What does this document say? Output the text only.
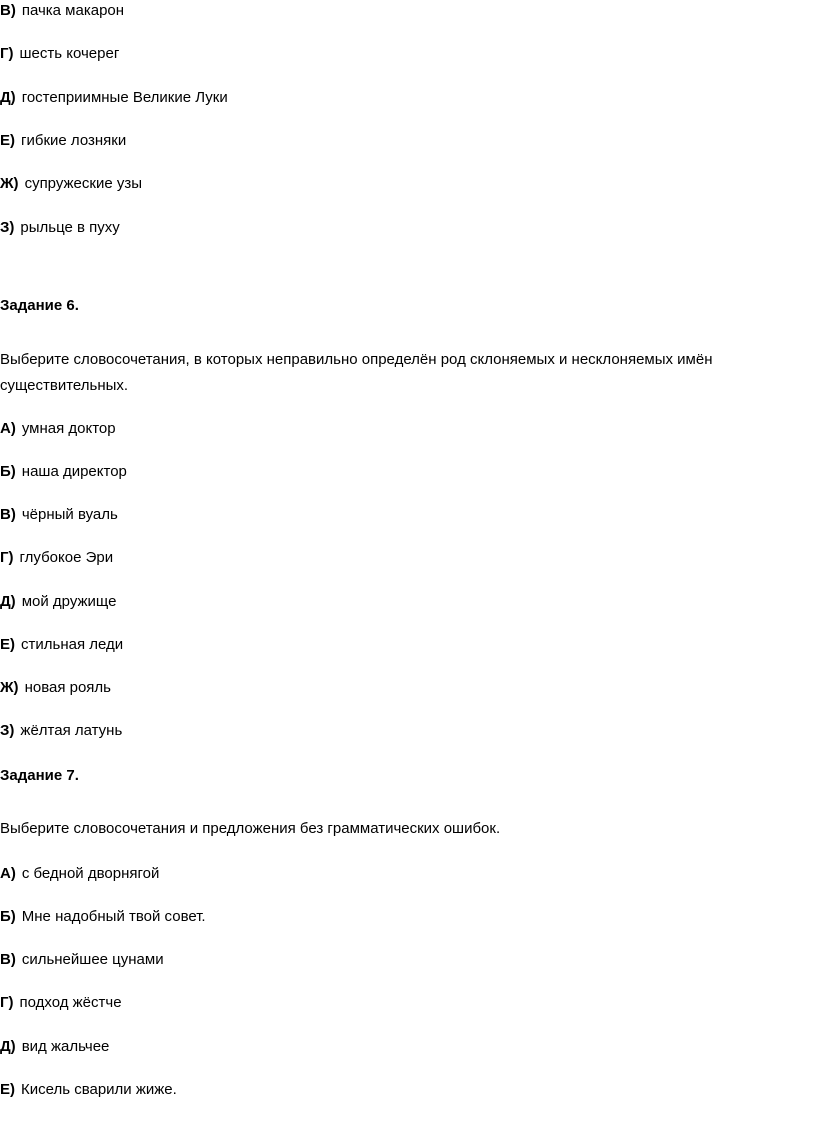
В) пачка макарон
Г) шесть кочерег
Д) гостеприимные Великие Луки
Е) гибкие лозняки
Ж) супружеские узы
З) рыльце в пуху
Задание 6.
Выберите словосочетания, в которых неправильно определён род склоняемых и несклоняемых имён существительных.
А) умная доктор
Б) наша директор
В) чёрный вуаль
Г) глубокое Эри
Д) мой дружище
Е) стильная леди
Ж) новая рояль
З) жёлтая латунь
Задание 7.
Выберите словосочетания и предложения без грамматических ошибок.
А) с бедной дворнягой
Б) Мне надобный твой совет.
В) сильнейшее цунами
Г) подход жёстче
Д) вид жальчее
Е) Кисель сварили жиже.
